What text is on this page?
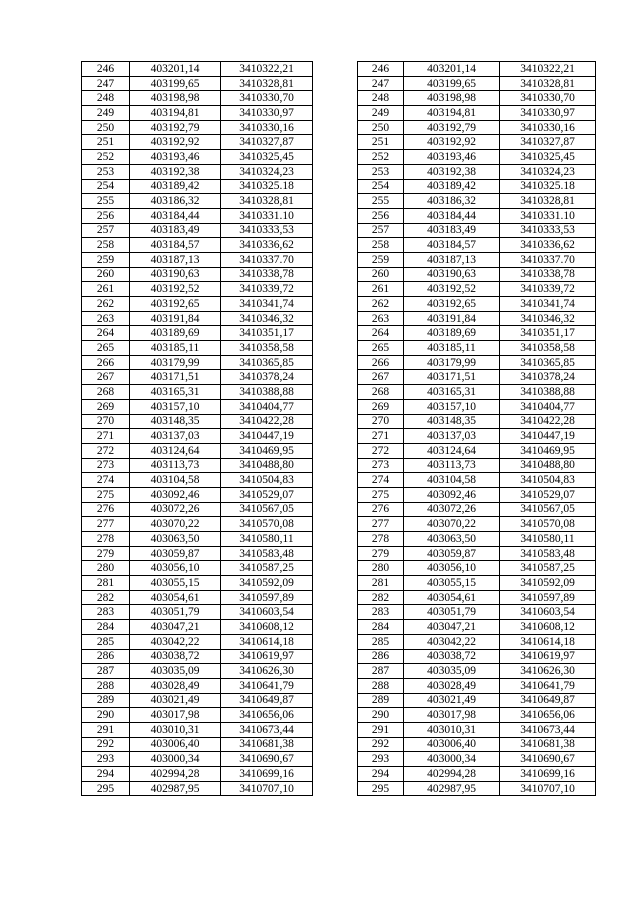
246	403201,14	3410322,21		246	403201,14	3410322,21
247	403199,65	3410328,81		247	403199,65	3410328,81
248	403198,98	3410330,70		248	403198,98	3410330,70
249	403194,81	3410330,97		249	403194,81	3410330,97
250	403192,79	3410330,16		250	403192,79	3410330,16
251	403192,92	3410327,87		251	403192,92	3410327,87
252	403193,46	3410325,45		252	403193,46	3410325,45
253	403192,38	3410324,23		253	403192,38	3410324,23
254	403189,42	3410325.18		254	403189,42	3410325.18
255	403186,32	3410328,81		255	403186,32	3410328,81
256	403184,44	3410331.10		256	403184,44	3410331.10
257	403183,49	3410333,53		257	403183,49	3410333,53
258	403184,57	3410336,62		258	403184,57	3410336,62
259	403187,13	3410337.70		259	403187,13	3410337.70
260	403190,63	3410338,78		260	403190,63	3410338,78
261	403192,52	3410339,72		261	403192,52	3410339,72
262	403192,65	3410341,74		262	403192,65	3410341,74
263	403191,84	3410346,32		263	403191,84	3410346,32
264	403189,69	3410351,17		264	403189,69	3410351,17
265	403185,11	3410358,58		265	403185,11	3410358,58
266	403179,99	3410365,85		266	403179,99	3410365,85
267	403171,51	3410378,24		267	403171,51	3410378,24
268	403165,31	3410388,88		268	403165,31	3410388,88
269	403157,10	3410404,77		269	403157,10	3410404,77
270	403148,35	3410422,28		270	403148,35	3410422,28
271	403137,03	3410447,19		271	403137,03	3410447,19
272	403124,64	3410469,95		272	403124,64	3410469,95
273	403113,73	3410488,80		273	403113,73	3410488,80
274	403104,58	3410504,83		274	403104,58	3410504,83
275	403092,46	3410529,07		275	403092,46	3410529,07
276	403072,26	3410567,05		276	403072,26	3410567,05
277	403070,22	3410570,08		277	403070,22	3410570,08
278	403063,50	3410580,11		278	403063,50	3410580,11
279	403059,87	3410583,48		279	403059,87	3410583,48
280	403056,10	3410587,25		280	403056,10	3410587,25
281	403055,15	3410592,09		281	403055,15	3410592,09
282	403054,61	3410597,89		282	403054,61	3410597,89
283	403051,79	3410603,54		283	403051,79	3410603,54
284	403047,21	3410608,12		284	403047,21	3410608,12
285	403042,22	3410614,18		285	403042,22	3410614,18
286	403038,72	3410619,97		286	403038,72	3410619,97
287	403035,09	3410626,30		287	403035,09	3410626,30
288	403028,49	3410641,79		288	403028,49	3410641,79
289	403021,49	3410649,87		289	403021,49	3410649,87
290	403017,98	3410656,06		290	403017,98	3410656,06
291	403010,31	3410673,44		291	403010,31	3410673,44
292	403006,40	3410681,38		292	403006,40	3410681,38
293	403000,34	3410690,67		293	403000,34	3410690,67
294	402994,28	3410699,16		294	402994,28	3410699,16
295	402987,95	3410707,10		295	402987,95	3410707,10
